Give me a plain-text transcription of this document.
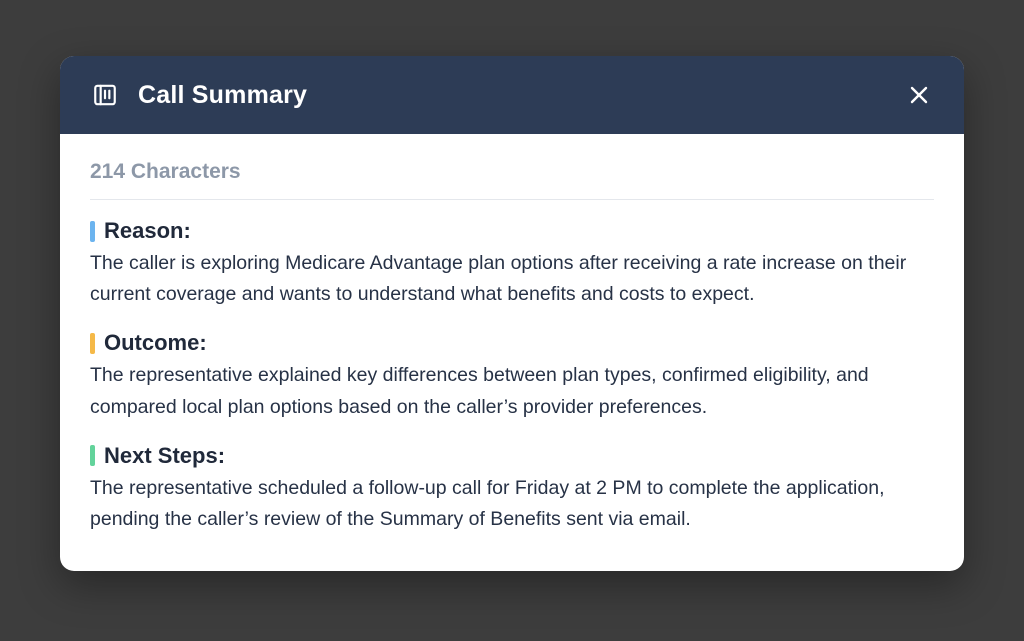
Call Summary
214 Characters
Reason:

The caller is exploring Medicare Advantage plan options after receiving a rate increase on their current coverage and wants to understand what benefits and costs to expect.

Outcome:

The representative explained key differences between plan types, confirmed eligibility, and compared local plan options based on the caller’s provider preferences.

Next Steps:

The representative scheduled a follow-up call for Friday at 2 PM to complete the application, pending the caller’s review of the Summary of Benefits sent via email.
